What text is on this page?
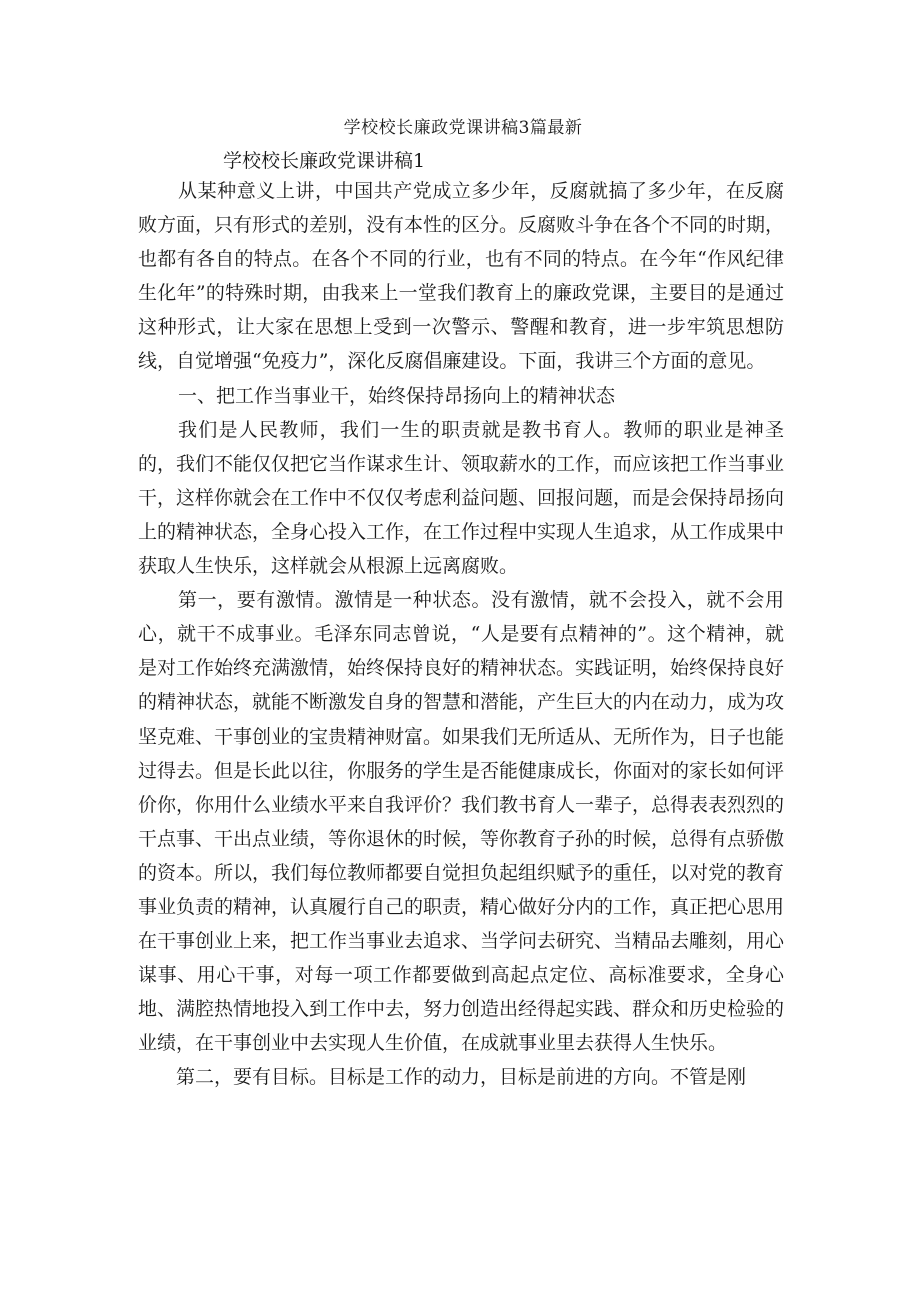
学校校长廉政党课讲稿3篇最新
学校校长廉政党课讲稿1

从某种意义上讲，中国共产党成立多少年，反腐就搞了多少年，在反腐败方面，只有形式的差别，没有本性的区分。反腐败斗争在各个不同的时期，也都有各自的特点。在各个不同的行业，也有不同的特点。在今年“作风纪律生化年”的特殊时期，由我来上一堂我们教育上的廉政党课，主要目的是通过这种形式，让大家在思想上受到一次警示、警醒和教育，进一步牢筑思想防线，自觉增强“免疫力”，深化反腐倡廉建设。下面，我讲三个方面的意见。

一、把工作当事业干，始终保持昂扬向上的精神状态

我们是人民教师，我们一生的职责就是教书育人。教师的职业是神圣的，我们不能仅仅把它当作谋求生计、领取薪水的工作，而应该把工作当事业干，这样你就会在工作中不仅仅考虑利益问题、回报问题，而是会保持昂扬向上的精神状态，全身心投入工作，在工作过程中实现人生追求，从工作成果中获取人生快乐，这样就会从根源上远离腐败。

第一，要有激情。激情是一种状态。没有激情，就不会投入，就不会用心，就干不成事业。毛泽东同志曾说，“人是要有点精神的”。这个精神，就是对工作始终充满激情，始终保持良好的精神状态。实践证明，始终保持良好的精神状态，就能不断激发自身的智慧和潜能，产生巨大的内在动力，成为攻坚克难、干事创业的宝贵精神财富。如果我们无所适从、无所作为，日子也能过得去。但是长此以往，你服务的学生是否能健康成长，你面对的家长如何评价你，你用什么业绩水平来自我评价？我们教书育人一辈子，总得表表烈烈的干点事、干出点业绩，等你退休的时候，等你教育子孙的时候，总得有点骄傲的资本。所以，我们每位教师都要自觉担负起组织赋予的重任，以对党的教育事业负责的精神，认真履行自己的职责，精心做好分内的工作，真正把心思用在干事创业上来，把工作当事业去追求、当学问去研究、当精品去雕刻，用心谋事、用心干事，对每一项工作都要做到高起点定位、高标准要求，全身心地、满腔热情地投入到工作中去，努力创造出经得起实践、群众和历史检验的业绩，在干事创业中去实现人生价值，在成就事业里去获得人生快乐。

第二，要有目标。目标是工作的动力，目标是前进的方向。不管是刚
